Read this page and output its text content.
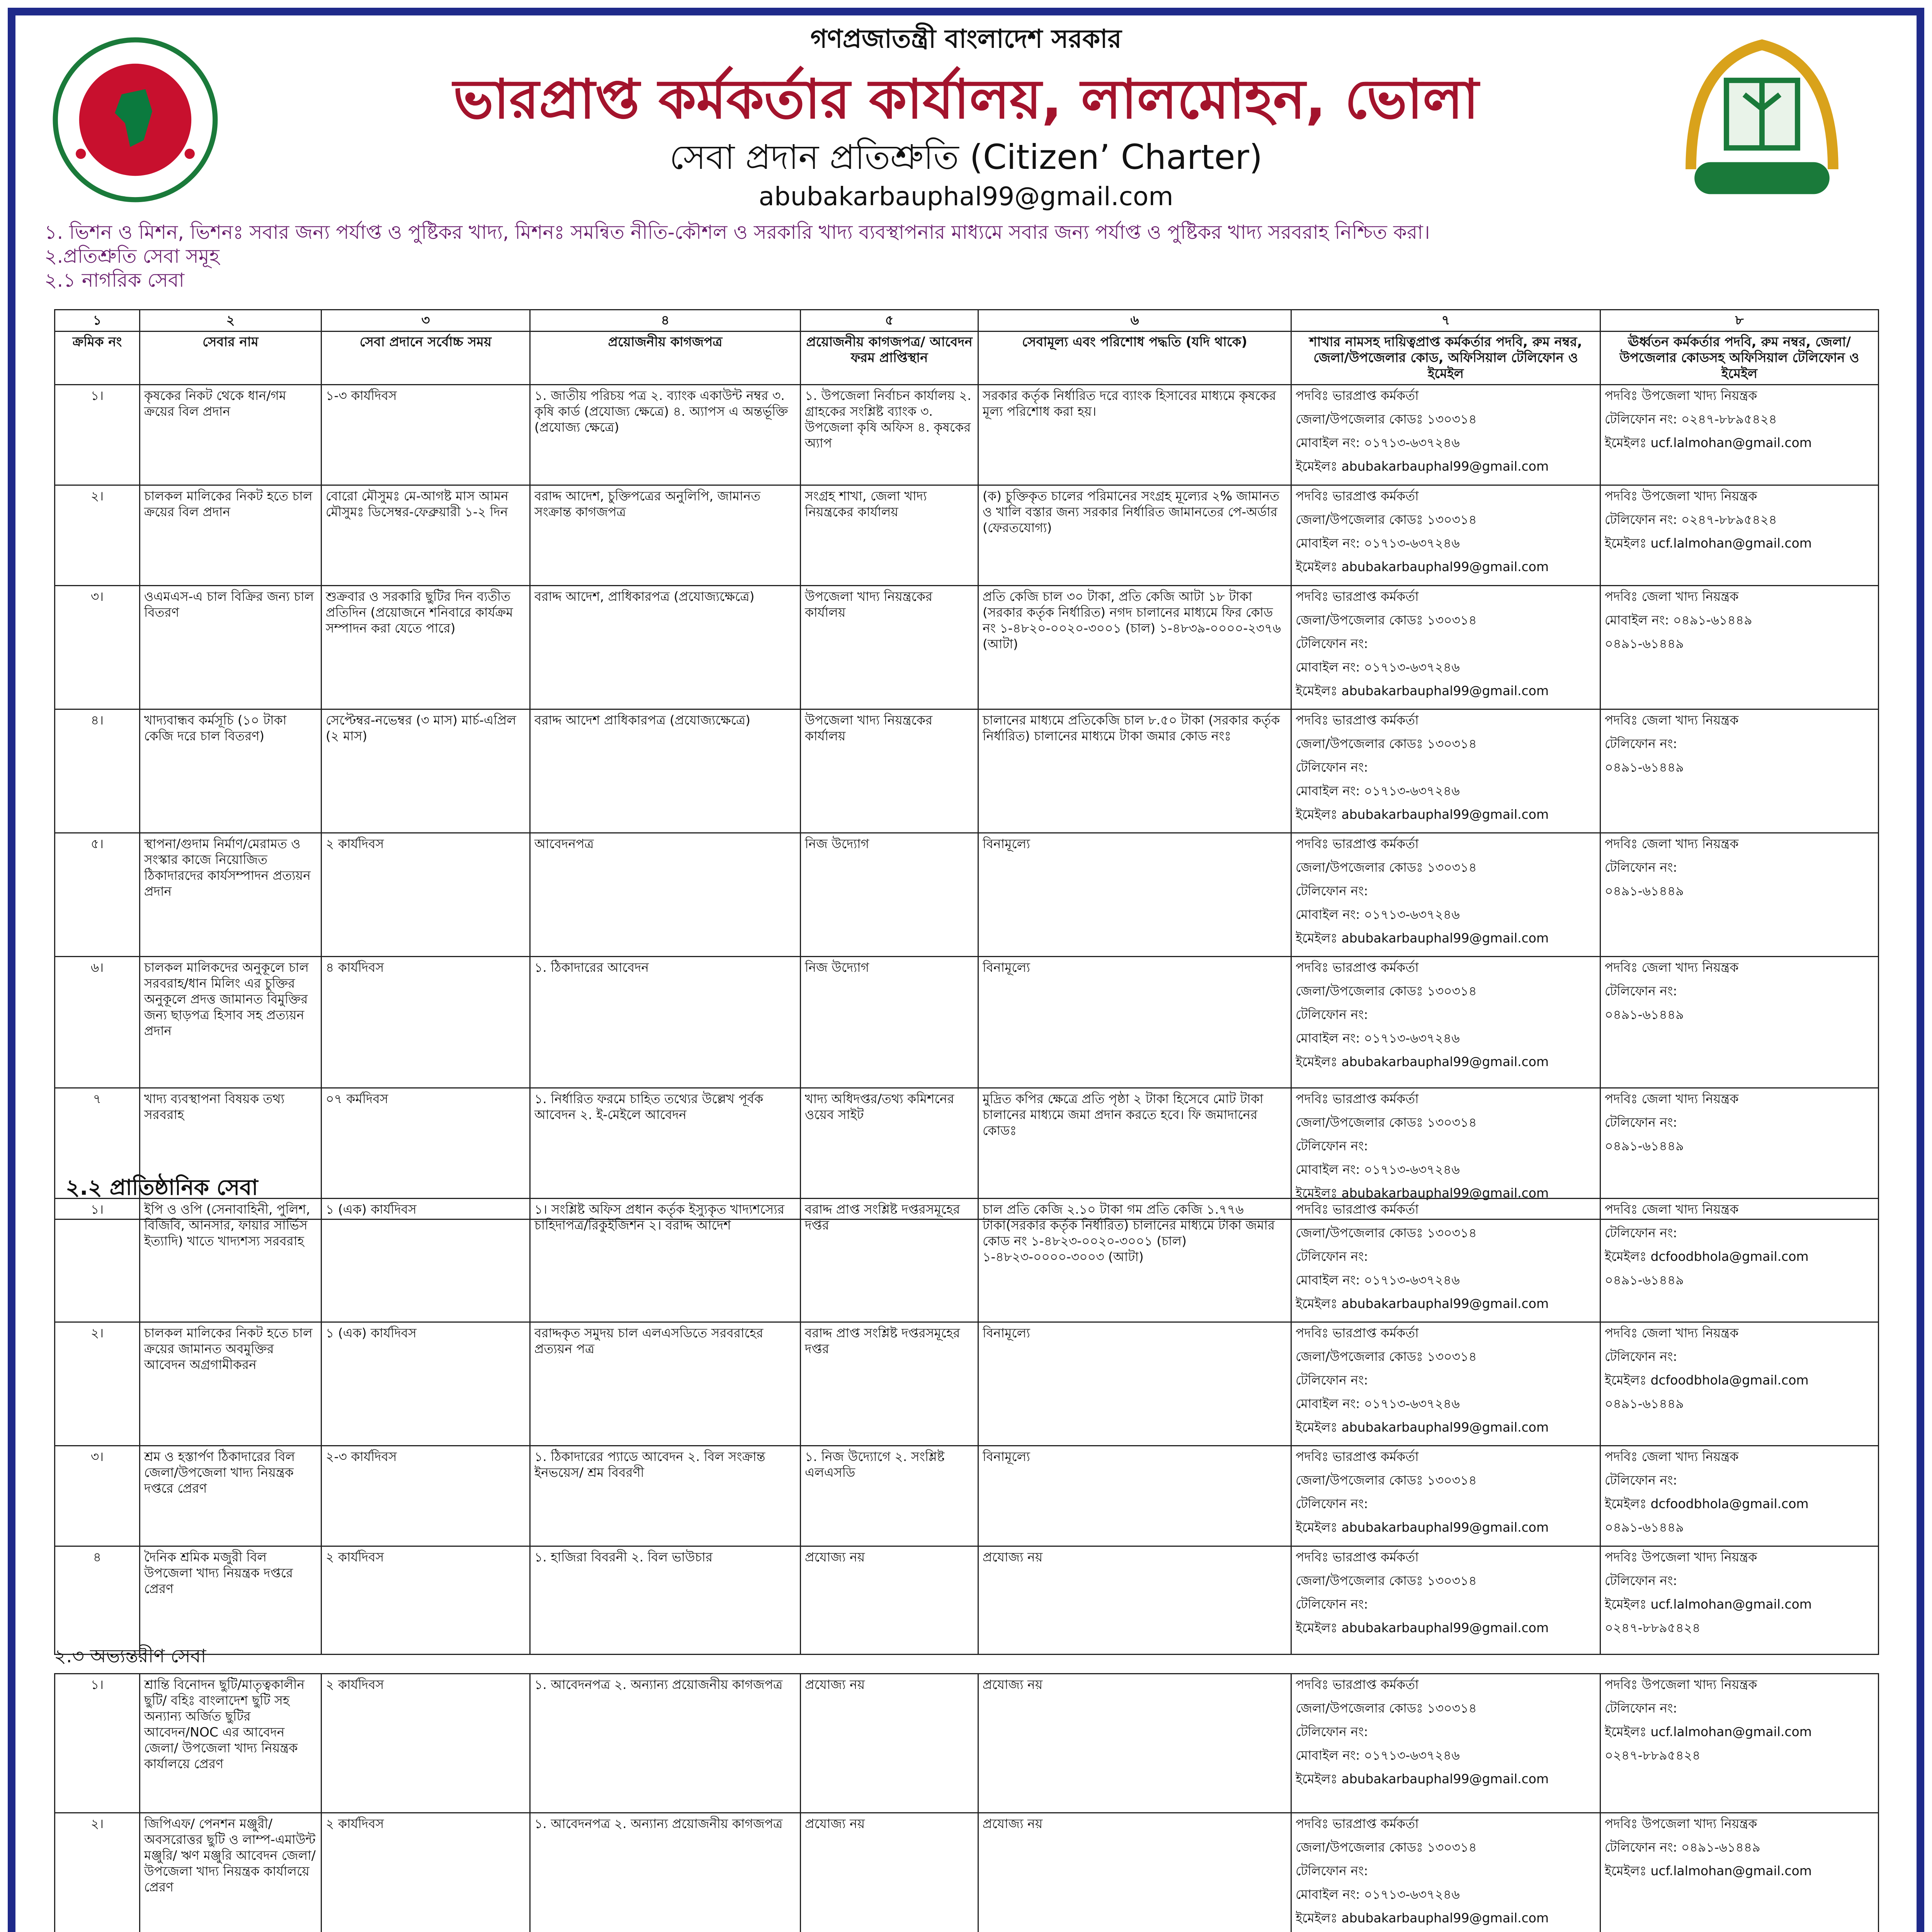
গণপ্রজাতন্ত্রী বাংলাদেশ সরকার
ভারপ্রাপ্ত কর্মকর্তার কার্যালয়, লালমোহন, ভোলা
সেবা প্রদান প্রতিশ্রুতি (Citizen’ Charter)
abubakarbauphal99@gmail.com
১. ভিশন ও মিশন, ভিশনঃ সবার জন্য পর্যাপ্ত ও পুষ্টিকর খাদ্য, মিশনঃ সমন্বিত নীতি-কৌশল ও সরকারি খাদ্য ব্যবস্থাপনার মাধ্যমে সবার জন্য পর্যাপ্ত ও পুষ্টিকর খাদ্য সরবরাহ নিশ্চিত করা।
২.প্রতিশ্রুতি সেবা সমূহ
২.১ নাগরিক সেবা
২.২ প্রাতিষ্ঠানিক সেবা
২.৩ অভ্যন্তরীণ সেবা
১	২	৩	৪	৫	৬	৭	৮
ক্রমিক নং	সেবার নাম	সেবা প্রদানে সর্বোচ্চ সময়	প্রয়োজনীয় কাগজপত্র	প্রয়োজনীয় কাগজপত্র/ আবেদন ফরম প্রাপ্তিস্থান	সেবামূল্য এবং পরিশোধ পদ্ধতি (যদি থাকে)	শাখার নামসহ দায়িত্বপ্রাপ্ত কর্মকর্তার পদবি, রুম নম্বর, জেলা/উপজেলার কোড, অফিসিয়াল টেলিফোন ও ইমেইল	ঊর্ধ্বতন কর্মকর্তার পদবি, রুম নম্বর, জেলা/উপজেলার কোডসহ অফিসিয়াল টেলিফোন ও ইমেইল
১।	কৃষকের নিকট থেকে ধান/গম ক্রয়ের বিল প্রদান	১-৩ কার্যদিবস	১. জাতীয় পরিচয় পত্র ২. ব্যাংক একাউন্ট নম্বর ৩. কৃষি কার্ড (প্রযোজ্য ক্ষেত্রে) ৪. অ্যাপস এ অন্তর্ভূক্তি (প্রযোজ্য ক্ষেত্রে)	১. উপজেলা নির্বাচন কার্যালয় ২. গ্রাহকের সংশ্লিষ্ট ব্যাংক ৩. উপজেলা কৃষি অফিস ৪. কৃষকের অ্যাপ	সরকার কর্তৃক নির্ধারিত দরে ব্যাংক হিসাবের মাধ্যমে কৃষকের মূল্য পরিশোধ করা হয়।	পদবিঃ ভারপ্রাপ্ত কর্মকর্তা
জেলা/উপজেলার কোডঃ ১৩০৩১৪
মোবাইল নং: ০১৭১৩-৬৩৭২৪৬
ইমেইলঃ abubakarbauphal99@gmail.com	পদবিঃ উপজেলা খাদ্য নিয়ন্ত্রক
টেলিফোন নং: ০২৪৭-৮৮৯৫৪২৪
ইমেইলঃ ucf.lalmohan@gmail.com

২।	চালকল মালিকের নিকট হতে চাল ক্রয়ের বিল প্রদান	বোরো মৌসুমঃ মে-আগষ্ট মাস আমন মৌসুমঃ ডিসেম্বর-ফেব্রুয়ারী ১-২ দিন	বরাদ্দ আদেশ, চুক্তিপত্রের অনুলিপি, জামানত সংক্রান্ত কাগজপত্র	সংগ্রহ শাখা, জেলা খাদ্য নিয়ন্ত্রকের কার্যালয়	(ক) চুক্তিকৃত চালের পরিমানের সংগ্রহ মূল্যের ২% জামানত ও খালি বস্তার জন্য সরকার নির্ধারিত জামানতের পে-অর্ডার (ফেরতযোগ্য)	পদবিঃ ভারপ্রাপ্ত কর্মকর্তা
জেলা/উপজেলার কোডঃ ১৩০৩১৪
মোবাইল নং: ০১৭১৩-৬৩৭২৪৬
ইমেইলঃ abubakarbauphal99@gmail.com	পদবিঃ উপজেলা খাদ্য নিয়ন্ত্রক
টেলিফোন নং: ০২৪৭-৮৮৯৫৪২৪
ইমেইলঃ ucf.lalmohan@gmail.com

৩।	ওএমএস-এ চাল বিক্রির জন্য চাল বিতরণ	শুক্রবার ও সরকারি ছুটির দিন ব্যতীত প্রতিদিন (প্রয়োজনে শনিবারে কার্যক্রম সম্পাদন করা যেতে পারে)	বরাদ্দ আদেশ, প্রাধিকারপত্র (প্রযোজ্যক্ষেত্রে)	উপজেলা খাদ্য নিয়ন্ত্রকের কার্যালয়	প্রতি কেজি চাল ৩০ টাকা, প্রতি কেজি আটা ১৮ টাকা (সরকার কর্তৃক নির্ধারিত) নগদ চালানের মাধ্যমে ফির কোড নং ১-৪৮২০-০০২০-৩০০১ (চাল) ১-৪৮৩৯-০০০০-২৩৭৬ (আটা)	পদবিঃ ভারপ্রাপ্ত কর্মকর্তা
জেলা/উপজেলার কোডঃ ১৩০৩১৪
টেলিফোন নং:
মোবাইল নং: ০১৭১৩-৬৩৭২৪৬
ইমেইলঃ abubakarbauphal99@gmail.com	পদবিঃ জেলা খাদ্য নিয়ন্ত্রক
মোবাইল নং: ০৪৯১-৬১৪৪৯
০৪৯১-৬১৪৪৯

৪।	খাদ্যবান্ধব কর্মসূচি (১০ টাকা কেজি দরে চাল বিতরণ)	সেপ্টেম্বর-নভেম্বর (৩ মাস) মার্চ-এপ্রিল (২ মাস)	বরাদ্দ আদেশ প্রাধিকারপত্র (প্রযোজ্যক্ষেত্রে)	উপজেলা খাদ্য নিয়ন্ত্রকের কার্যালয়	চালানের মাধ্যমে প্রতিকেজি চাল ৮.৫০ টাকা (সরকার কর্তৃক নির্ধারিত) চালানের মাধ্যমে টাকা জমার কোড নংঃ	পদবিঃ ভারপ্রাপ্ত কর্মকর্তা
জেলা/উপজেলার কোডঃ ১৩০৩১৪
টেলিফোন নং:
মোবাইল নং: ০১৭১৩-৬৩৭২৪৬
ইমেইলঃ abubakarbauphal99@gmail.com	পদবিঃ জেলা খাদ্য নিয়ন্ত্রক
টেলিফোন নং:
০৪৯১-৬১৪৪৯

৫।	স্থাপনা/গুদাম নির্মাণ/মেরামত ও সংস্কার কাজে নিয়োজিত ঠিকাদারদের কার্যসম্পাদন প্রত্যয়ন প্রদান	২ কার্যদিবস	আবেদনপত্র	নিজ উদ্যোগ	বিনামূল্যে	পদবিঃ ভারপ্রাপ্ত কর্মকর্তা
জেলা/উপজেলার কোডঃ ১৩০৩১৪
টেলিফোন নং:
মোবাইল নং: ০১৭১৩-৬৩৭২৪৬
ইমেইলঃ abubakarbauphal99@gmail.com	পদবিঃ জেলা খাদ্য নিয়ন্ত্রক
টেলিফোন নং:
০৪৯১-৬১৪৪৯

৬।	চালকল মালিকদের অনুকূলে চাল সরবরাহ/ধান মিলিং এর চুক্তির অনুকূলে প্রদত্ত জামানত বিমুক্তির জন্য ছাড়পত্র হিসাব সহ প্রত্যয়ন প্রদান	৪ কার্যদিবস	১. ঠিকাদারের আবেদন	নিজ উদ্যোগ	বিনামূল্যে	পদবিঃ ভারপ্রাপ্ত কর্মকর্তা
জেলা/উপজেলার কোডঃ ১৩০৩১৪
টেলিফোন নং:
মোবাইল নং: ০১৭১৩-৬৩৭২৪৬
ইমেইলঃ abubakarbauphal99@gmail.com	পদবিঃ জেলা খাদ্য নিয়ন্ত্রক
টেলিফোন নং:
০৪৯১-৬১৪৪৯

৭	খাদ্য ব্যবস্থাপনা বিষয়ক তথ্য সরবরাহ	০৭ কর্মদিবস	১. নির্ধারিত ফরমে চাহিত তথ্যের উল্লেখ পূর্বক আবেদন ২. ই-মেইলে আবেদন	খাদ্য অধিদপ্তর/তথ্য কমিশনের ওয়েব সাইট	মুদ্রিত কপির ক্ষেত্রে প্রতি পৃষ্ঠা ২ টাকা হিসেবে মোট টাকা চালানের মাধ্যমে জমা প্রদান করতে হবে। ফি জমাদানের কোডঃ	পদবিঃ ভারপ্রাপ্ত কর্মকর্তা
জেলা/উপজেলার কোডঃ ১৩০৩১৪
টেলিফোন নং:
মোবাইল নং: ০১৭১৩-৬৩৭২৪৬
ইমেইলঃ abubakarbauphal99@gmail.com	পদবিঃ জেলা খাদ্য নিয়ন্ত্রক
টেলিফোন নং:
০৪৯১-৬১৪৪৯
১।	ইপি ও ওপি (সেনাবাহিনী, পুলিশ, বিজিবি, আনসার, ফায়ার সার্ভিস ইত্যাদি) খাতে খাদ্যশস্য সরবরাহ	১ (এক) কার্যদিবস	১। সংশ্লিষ্ট অফিস প্রধান কর্তৃক ইস্যুকৃত খাদ্যশস্যের চাহিদাপত্র/রিকুইজিশন ২। বরাদ্দ আদেশ	বরাদ্দ প্রাপ্ত সংশ্লিষ্ট দপ্তরসমূহের দপ্তর	চাল প্রতি কেজি ২.১০ টাকা গম প্রতি কেজি ১.৭৭৬ টাকা(সরকার কর্তৃক নির্ধারিত) চালানের মাধ্যমে টাকা জমার কোড নং ১-৪৮২৩-০০২০-৩০০১ (চাল) ১-৪৮২৩-০০০০-৩০০৩ (আটা)	পদবিঃ ভারপ্রাপ্ত কর্মকর্তা
জেলা/উপজেলার কোডঃ ১৩০৩১৪
টেলিফোন নং:
মোবাইল নং: ০১৭১৩-৬৩৭২৪৬
ইমেইলঃ abubakarbauphal99@gmail.com	পদবিঃ জেলা খাদ্য নিয়ন্ত্রক
টেলিফোন নং:
ইমেইলঃ dcfoodbhola@gmail.com
০৪৯১-৬১৪৪৯

২।	চালকল মালিকের নিকট হতে চাল ক্রয়ের জামানত অবমুক্তির আবেদন অগ্রগামীকরন	১ (এক) কার্যদিবস	বরাদ্দকৃত সমুদয় চাল এলএসডিতে সরবরাহের প্রত্যয়ন পত্র	বরাদ্দ প্রাপ্ত সংশ্লিষ্ট দপ্তরসমূহের দপ্তর	বিনামূল্যে	পদবিঃ ভারপ্রাপ্ত কর্মকর্তা
জেলা/উপজেলার কোডঃ ১৩০৩১৪
টেলিফোন নং:
মোবাইল নং: ০১৭১৩-৬৩৭২৪৬
ইমেইলঃ abubakarbauphal99@gmail.com	পদবিঃ জেলা খাদ্য নিয়ন্ত্রক
টেলিফোন নং:
ইমেইলঃ dcfoodbhola@gmail.com
০৪৯১-৬১৪৪৯

৩।	শ্রম ও হস্তার্পণ ঠিকাদারের বিল জেলা/উপজেলা খাদ্য নিয়ন্ত্রক দপ্তরে প্রেরণ	২-৩ কার্যদিবস	১. ঠিকাদারের প্যাডে আবেদন ২. বিল সংক্রান্ত ইনভয়েস/ শ্রম বিবরণী	১. নিজ উদ্যোগে ২. সংশ্লিষ্ট এলএসডি	বিনামূল্যে	পদবিঃ ভারপ্রাপ্ত কর্মকর্তা
জেলা/উপজেলার কোডঃ ১৩০৩১৪
টেলিফোন নং:
ইমেইলঃ abubakarbauphal99@gmail.com	পদবিঃ জেলা খাদ্য নিয়ন্ত্রক
টেলিফোন নং:
ইমেইলঃ dcfoodbhola@gmail.com
০৪৯১-৬১৪৪৯

৪	দৈনিক শ্রমিক মজুরী বিল উপজেলা খাদ্য নিয়ন্ত্রক দপ্তরে প্রেরণ	২ কার্যদিবস	১. হাজিরা বিবরনী ২. বিল ভাউচার	প্রযোজ্য নয়	প্রযোজ্য নয়	পদবিঃ ভারপ্রাপ্ত কর্মকর্তা
জেলা/উপজেলার কোডঃ ১৩০৩১৪
টেলিফোন নং:
ইমেইলঃ abubakarbauphal99@gmail.com	পদবিঃ উপজেলা খাদ্য নিয়ন্ত্রক
টেলিফোন নং:
ইমেইলঃ ucf.lalmohan@gmail.com
০২৪৭-৮৮৯৫৪২৪
১।	শ্রান্তি বিনোদন ছুটি/মাতৃত্বকালীন ছুটি/ বহিঃ বাংলাদেশ ছুটি সহ অন্যান্য অর্জিত ছুটির আবেদন/NOC এর আবেদন জেলা/ উপজেলা খাদ্য নিয়ন্ত্রক কার্যালয়ে প্রেরণ	২ কার্যদিবস	১. আবেদনপত্র ২. অন্যান্য প্রয়োজনীয় কাগজপত্র	প্রযোজ্য নয়	প্রযোজ্য নয়	পদবিঃ ভারপ্রাপ্ত কর্মকর্তা
জেলা/উপজেলার কোডঃ ১৩০৩১৪
টেলিফোন নং:
মোবাইল নং: ০১৭১৩-৬৩৭২৪৬
ইমেইলঃ abubakarbauphal99@gmail.com	পদবিঃ উপজেলা খাদ্য নিয়ন্ত্রক
টেলিফোন নং:
ইমেইলঃ ucf.lalmohan@gmail.com
০২৪৭-৮৮৯৫৪২৪

২।	জিপিএফ/ পেনশন মঞ্জুরী/ অবসরোত্তর ছুটি ও লাম্প-এমাউন্ট মঞ্জুরি/ ঋণ মঞ্জুরি আবেদন জেলা/উপজেলা খাদ্য নিয়ন্ত্রক কার্যালয়ে প্রেরণ	২ কার্যদিবস	১. আবেদনপত্র ২. অন্যান্য প্রয়োজনীয় কাগজপত্র	প্রযোজ্য নয়	প্রযোজ্য নয়	পদবিঃ ভারপ্রাপ্ত কর্মকর্তা
জেলা/উপজেলার কোডঃ ১৩০৩১৪
টেলিফোন নং:
মোবাইল নং: ০১৭১৩-৬৩৭২৪৬
ইমেইলঃ abubakarbauphal99@gmail.com	পদবিঃ উপজেলা খাদ্য নিয়ন্ত্রক
টেলিফোন নং: ০৪৯১-৬১৪৪৯
ইমেইলঃ ucf.lalmohan@gmail.com
